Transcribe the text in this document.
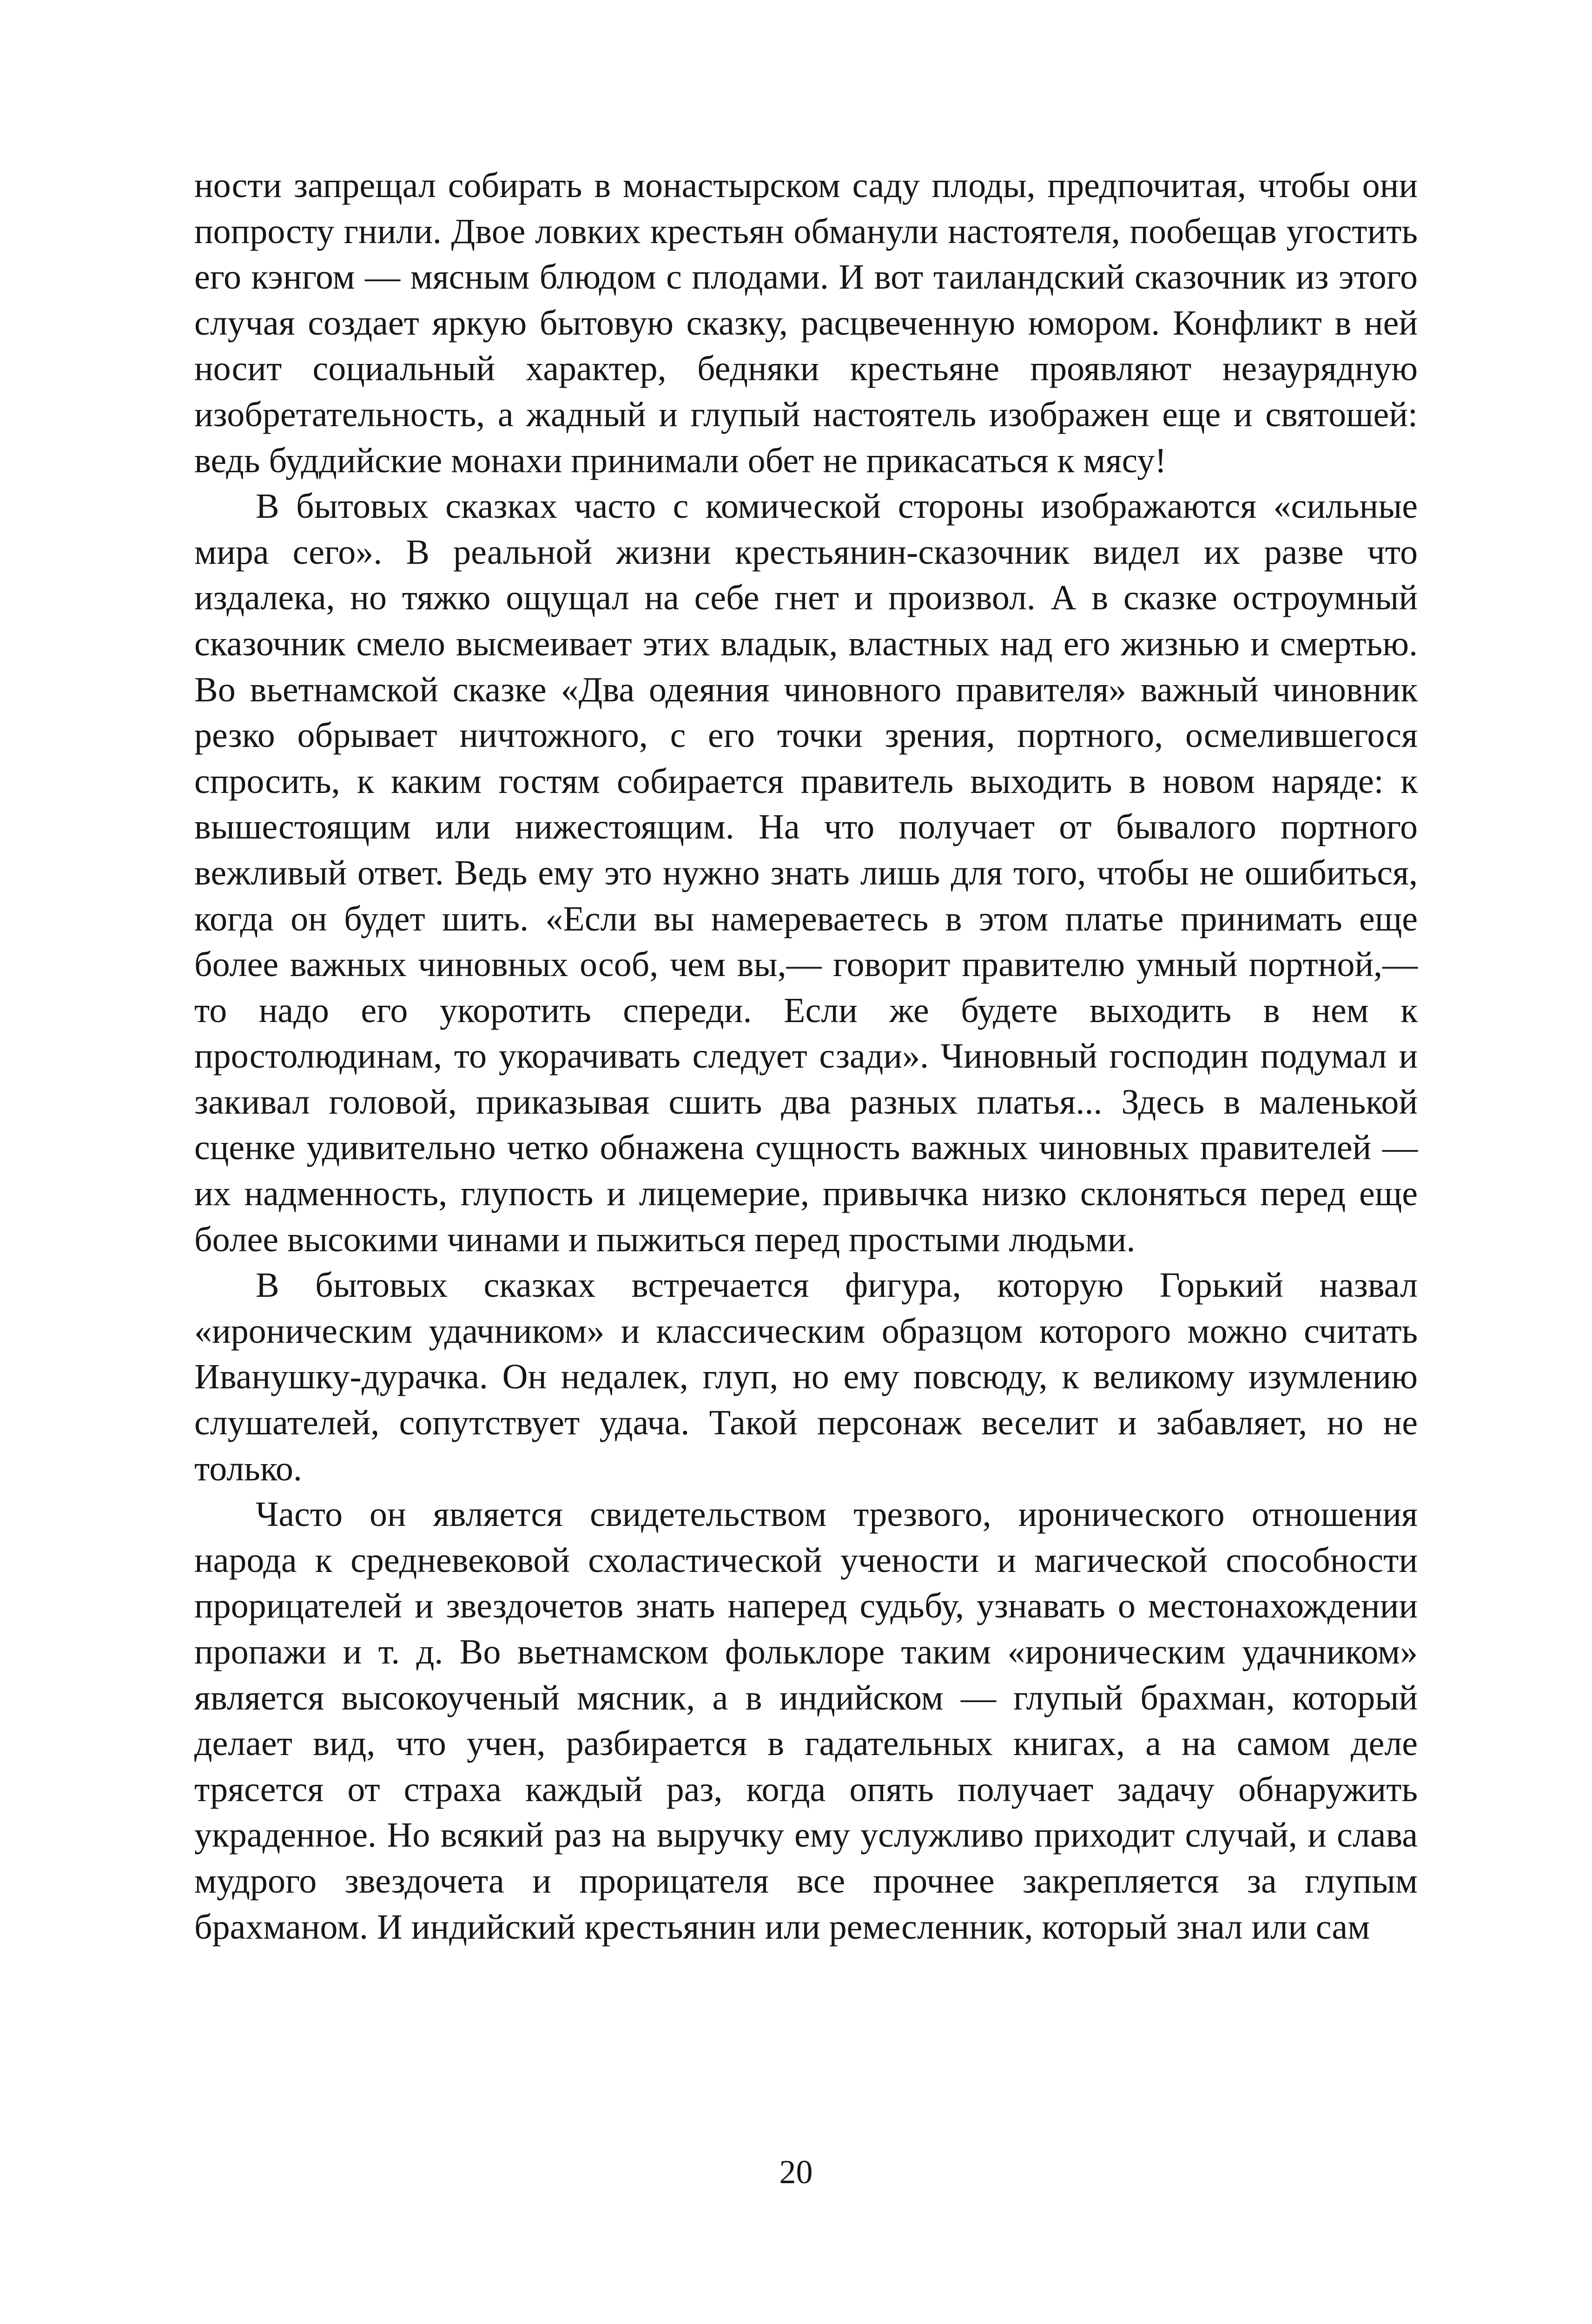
ности запрещал собирать в монастырском саду плоды, предпочитая, чтобы они попросту гнили. Двое ловких крестьян обманули настоятеля, пообещав угостить его кэнгом — мясным блюдом с плодами. И вот таиландский сказочник из этого случая создает яркую бытовую сказку, расцвеченную юмором. Конфликт в ней носит социальный характер, бедняки крестьяне проявляют незаурядную изобретательность, а жадный и глупый настоятель изображен еще и святошей: ведь буддийские монахи принимали обет не прикасаться к мясу!

В бытовых сказках часто с комической стороны изображаются «сильные мира сего». В реальной жизни крестьянин-сказочник видел их разве что издалека, но тяжко ощущал на себе гнет и произвол. А в сказке остроумный сказочник смело высмеивает этих владык, властных над его жизнью и смертью. Во вьетнамской сказке «Два одеяния чиновного правителя» важный чиновник резко обрывает ничтожного, с его точки зрения, портного, осмелившегося спросить, к каким гостям собирается правитель выходить в новом наряде: к вышестоящим или нижестоящим. На что получает от бывалого портного вежливый ответ. Ведь ему это нужно знать лишь для того, чтобы не ошибиться, когда он будет шить. «Если вы намереваетесь в этом платье принимать еще более важных чиновных особ, чем вы,— говорит правителю умный портной,— то надо его укоротить спереди. Если же будете выходить в нем к простолюдинам, то укорачивать следует сзади». Чиновный господин подумал и закивал головой, приказывая сшить два разных платья... Здесь в маленькой сценке удивительно четко обнажена сущность важных чиновных правителей — их надменность, глупость и лицемерие, привычка низко склоняться перед еще более высокими чинами и пыжиться перед простыми людьми.

В бытовых сказках встречается фигура, которую Горький назвал «ироническим удачником» и классическим образцом которого можно считать Иванушку-дурачка. Он недалек, глуп, но ему повсюду, к великому изумлению слушателей, сопутствует удача. Такой персонаж веселит и забавляет, но не только.

Часто он является свидетельством трезвого, иронического отношения народа к средневековой схоластической учености и магической способности прорицателей и звездочетов знать наперед судьбу, узнавать о местонахождении пропажи и т. д. Во вьетнамском фольклоре таким «ироническим удачником» является высокоученый мясник, а в индийском — глупый брахман, который делает вид, что учен, разбирается в гадательных книгах, а на самом деле трясется от страха каждый раз, когда опять получает задачу обнаружить украденное. Но всякий раз на выручку ему услужливо приходит случай, и слава мудрого звездочета и прорицателя все прочнее закрепляется за глупым брахманом. И индийский крестьянин или ремесленник, который знал или сам

20
